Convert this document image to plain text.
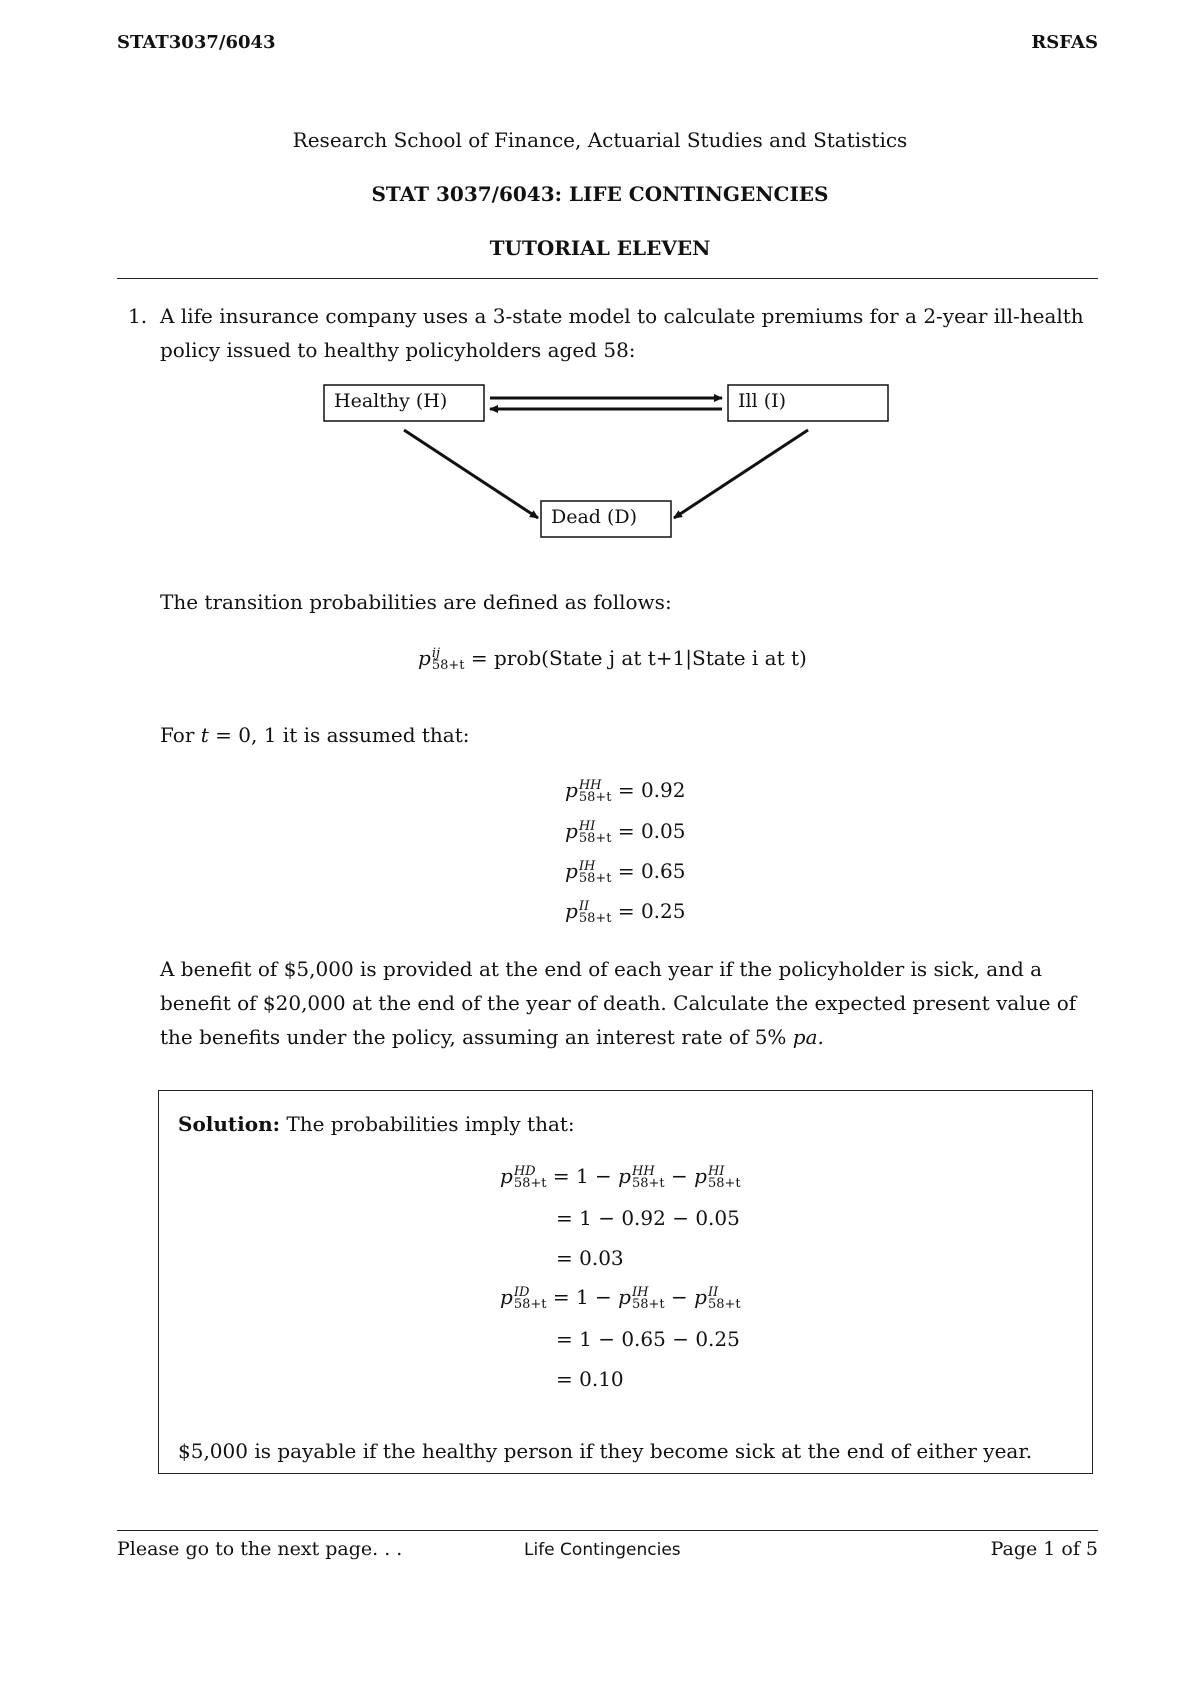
STAT3037/6043	RSFAS
Research School of Finance, Actuarial Studies and Statistics
STAT 3037/6043: LIFE CONTINGENCIES
TUTORIAL ELEVEN
1. A life insurance company uses a 3-state model to calculate premiums for a 2-year ill-health
policy issued to healthy policyholders aged 58:
Healthy (H)	Ill (I)
Dead (D)
The transition probabilities are defined as follows:
p ij
58+t = prob(State j at t+1|State i at t)
For t = 0, 1 it is assumed that:
p HH
58+t = 0.92
p HI
58+t = 0.05
p IH
58+t = 0.65
p II
58+t = 0.25
A benefit of $5,000 is provided at the end of each year if the policyholder is sick, and a
benefit of $20,000 at the end of the year of death. Calculate the expected present value of
the benefits under the policy, assuming an interest rate of 5% pa.
Solution: The probabilities imply that:
p HD
58+t = 1 − p HH
58+t − p HI
58+t
= 1 − 0.92 − 0.05
= 0.03
p ID
58+t = 1 − p IH
58+t − p II
58+t
= 1 − 0.65 − 0.25
= 0.10
$5,000 is payable if the healthy person if they become sick at the end of either year.
Please go to the next page. . .	Life Contingencies	Page 1 of 5
